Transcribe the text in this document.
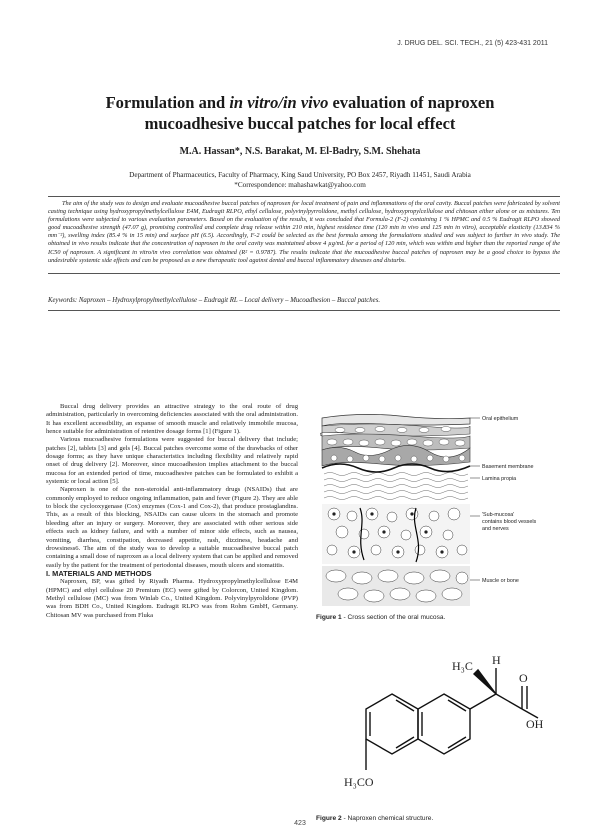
J. DRUG DEL. SCI. TECH., 21 (5) 423-431 2011
Formulation and in vitro/in vivo evaluation of naproxen
mucoadhesive buccal patches for local effect
M.A. Hassan*, N.S. Barakat, M. El-Badry, S.M. Shehata
Department of Pharmaceutics, Faculty of Pharmacy, King Saud University, PO Box 2457, Riyadh 11451, Saudi Arabia
*Correspondence: mahashawkat@yahoo.com
The aim of the study was to design and evaluate mucoadhesive buccal patches of naproxen for local treatment of pain and inflammations of the oral cavity. Buccal patches were fabricated by solvent casting technique using hydroxypropylmethylcellulose E4M, Eudragit RLPO, ethyl cellulose, polyvinylpyrrolidone, methyl cellulose, hydroxypropylcellulose and chitosan either alone or as mixtures. Ten formulations were subjected to various evaluation parameters. Based on the evaluation of the results, it was concluded that Formula-2 (F-2) containing 1 % HPMC and 0.5 % Eudragit RLPO showed good mucoadhesive strength (47.07 g), promising controlled and complete drug release within 210 min, highest residence time (120 min in vivo and 125 min in vitro), acceptable elasticity (13.834 % mm⁻²), swelling index (85.4 % in 15 min) and surface pH (6.5). Accordingly, F-2 could be selected as the best formula among the formulations studied and was subject to further in vivo study. The obtained in vivo results indicate that the concentration of naproxen in the oral cavity was maintained above 4 µg/mL for a period of 120 min, which was within and higher than the reported range of the IC50 of naproxen. A significant in vitro/in vivo correlation was obtained (R² = 0.9787). The results indicate that the mucoadhesive buccal patches of naproxen may be a good choice to bypass the undesirable systemic side effects and can be proposed as a new therapeutic tool against dental and buccal inflammatory diseases and disturbs.
Keywords: Naproxen – Hydroxylpropylmethylcellulose – Eudragit RL – Local delivery – Mucoadhesion – Buccal patches.

Buccal drug delivery provides an attractive strategy to the oral route of drug administration, particularly in overcoming deficiencies associated with the oral administration. It has excellent accessibility, an expanse of smooth muscle and relatively immobile mucosa, hence suitable for administration of retentive dosage forms [1] (Figure 1).

Various mucoadhesive formulations were suggested for buccal delivery that include; patches [2], tablets [3] and gels [4]. Buccal patches overcome some of the drawbacks of other dosage forms; as they have unique characteristics including flexibility and relatively rapid onset of drug delivery [2]. Moreover, since mucoadhesion implies attachment to the buccal mucosa for an extended period of time, mucoadhesive patches can be formulated to exhibit a systemic or local action [5].

Naproxen is one of the non-steroidal anti-inflammatory drugs (NSAIDs) that are commonly employed to reduce ongoing inflammation, pain and fever (Figure 2). They are able to block the cyclooxygenase (Cox) enzymes (Cox-1 and Cox-2), that produce prostaglandins. This, as a result of this blocking, NSAIDs can cause ulcers in the stomach and promote bleeding after an injury or surgery. Moreover, they are associated with other serious side effects such as kidney failure, and with a number of minor side effects, such as nausea, vomiting, diarrhea, constipation, decreased appetite, rash, dizziness, headache and drowsiness6. The aim of the study was to develop a suitable mucoadhesive buccal patch containing a small dose of naproxen as a local delivery system that can be applied and removed easily by the patient for the treatment of periodontal diseases, mouth ulcers and stomatitis.

I. MATERIALS AND METHODS

Naproxen, BP, was gifted by Riyadh Pharma. Hydroxypropylmethylcellulose E4M (HPMC) and ethyl cellulose 20 Premium (EC) were gifted by Colorcon, United Kingdom. Methyl cellulose (MC) was from Winlab Co., United Kingdom. Polyvinylpyrolidone (PVP) was from BDH Co., United Kingdom. Eudragit RLPO was from Rohm GmbH, Germany. Chitosan MV was purchased from Fluka

Oral epithelium
Basement membrane
Lamina propia
'Sub-mucosa'
contains blood vessels
and nerves
Muscle or bone
Figure 1 - Cross section of the oral mucosa.
H₃C H
O
OH
H₃CO
Figure 2 - Naproxen chemical structure.
423
